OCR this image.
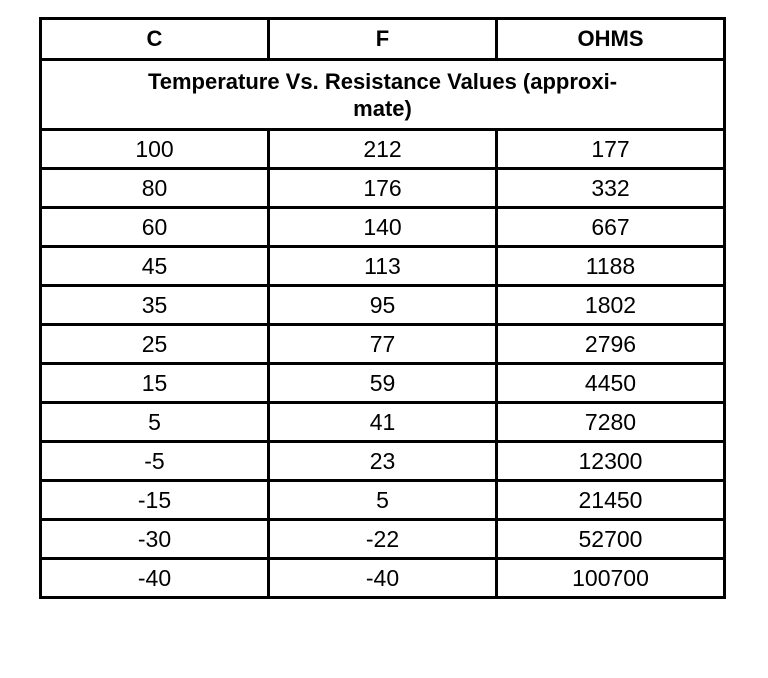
C	F	OHMS
Temperature Vs. Resistance Values (approxi-
mate)		
100	212	177
80	176	332
60	140	667
45	113	1188
35	95	1802
25	77	2796
15	59	4450
5	41	7280
-5	23	12300
-15	5	21450
-30	-22	52700
-40	-40	100700
